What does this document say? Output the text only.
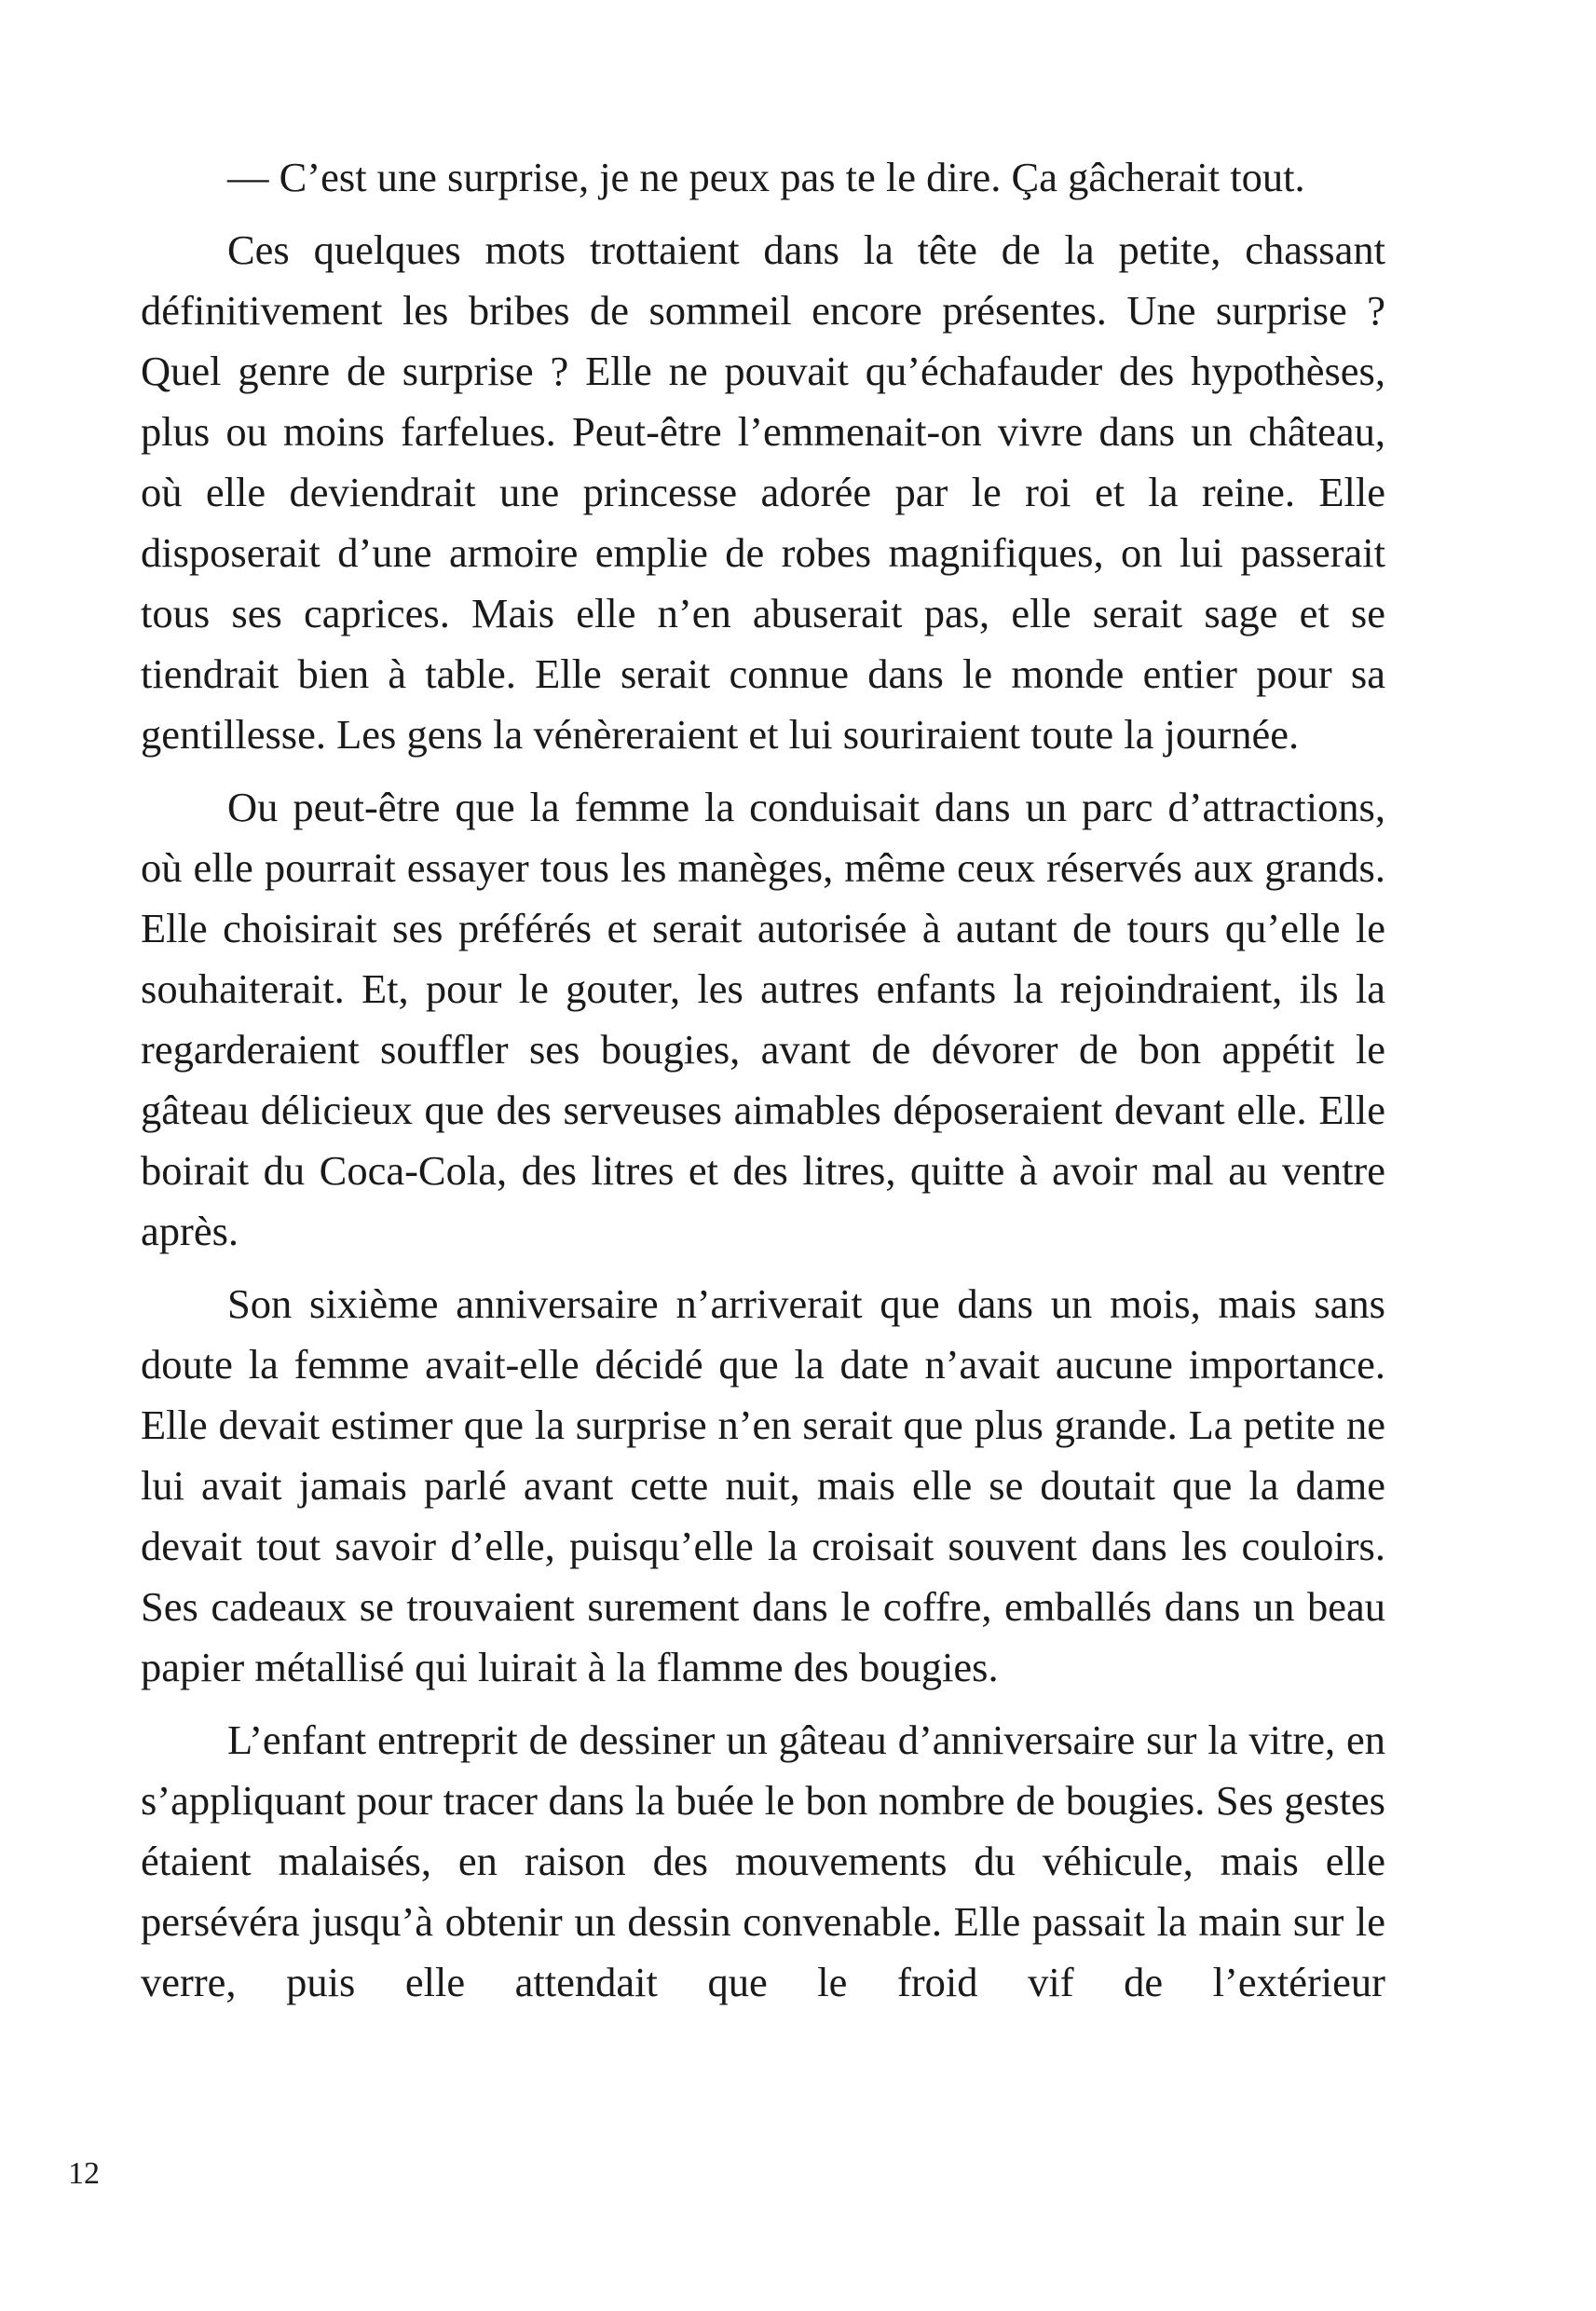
— C’est une surprise, je ne peux pas te le dire. Ça gâcherait tout.

Ces quelques mots trottaient dans la tête de la petite, chassant définitivement les bribes de sommeil encore présentes. Une surprise ? Quel genre de surprise ? Elle ne pouvait qu’échafauder des hypothèses, plus ou moins farfelues. Peut-être l’emmenait-on vivre dans un château, où elle deviendrait une princesse adorée par le roi et la reine. Elle disposerait d’une armoire emplie de robes magnifiques, on lui passerait tous ses caprices. Mais elle n’en abuserait pas, elle serait sage et se tiendrait bien à table. Elle serait connue dans le monde entier pour sa gentillesse. Les gens la vénèreraient et lui souriraient toute la journée.

Ou peut-être que la femme la conduisait dans un parc d’attractions, où elle pourrait essayer tous les manèges, même ceux réservés aux grands. Elle choisirait ses préférés et serait autorisée à autant de tours qu’elle le souhaiterait. Et, pour le gouter, les autres enfants la rejoindraient, ils la regarderaient souffler ses bougies, avant de dévorer de bon appétit le gâteau délicieux que des serveuses aimables déposeraient devant elle. Elle boirait du Coca-Cola, des litres et des litres, quitte à avoir mal au ventre après.

Son sixième anniversaire n’arriverait que dans un mois, mais sans doute la femme avait-elle décidé que la date n’avait aucune importance. Elle devait estimer que la surprise n’en serait que plus grande. La petite ne lui avait jamais parlé avant cette nuit, mais elle se doutait que la dame devait tout savoir d’elle, puisqu’elle la croisait souvent dans les couloirs. Ses cadeaux se trouvaient surement dans le coffre, emballés dans un beau papier métallisé qui luirait à la flamme des bougies.

L’enfant entreprit de dessiner un gâteau d’anniversaire sur la vitre, en s’appliquant pour tracer dans la buée le bon nombre de bougies. Ses gestes étaient malaisés, en raison des mouvements du véhicule, mais elle persévéra jusqu’à obtenir un dessin convenable. Elle passait la main sur le verre, puis elle attendait que le froid vif de l’extérieur

12
